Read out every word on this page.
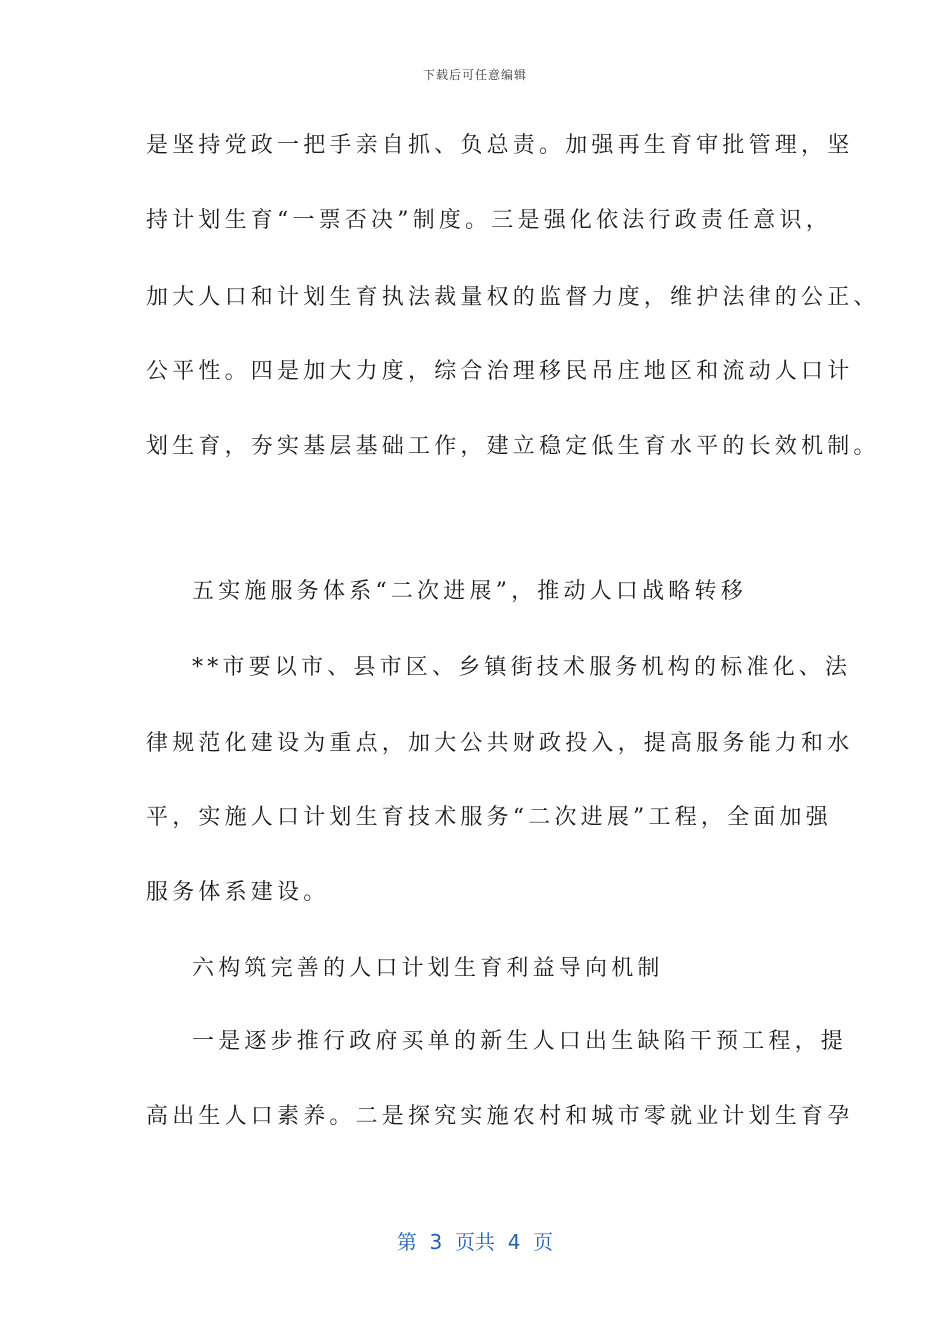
下载后可任意编辑
是坚持党政一把手亲自抓、负总责。加强再生育审批管理，坚
持计划生育“一票否决”制度。三是强化依法行政责任意识，
加大人口和计划生育执法裁量权的监督力度，维护法律的公正、
公平性。四是加大力度，综合治理移民吊庄地区和流动人口计
划生育，夯实基层基础工作，建立稳定低生育水平的长效机制。
五实施服务体系“二次进展”，推动人口战略转移
**市要以市、县市区、乡镇街技术服务机构的标准化、法
律规范化建设为重点，加大公共财政投入，提高服务能力和水
平，实施人口计划生育技术服务“二次进展”工程，全面加强
服务体系建设。
六构筑完善的人口计划生育利益导向机制
一是逐步推行政府买单的新生人口出生缺陷干预工程，提
高出生人口素养。二是探究实施农村和城市零就业计划生育孕
第  3  页共  4  页
